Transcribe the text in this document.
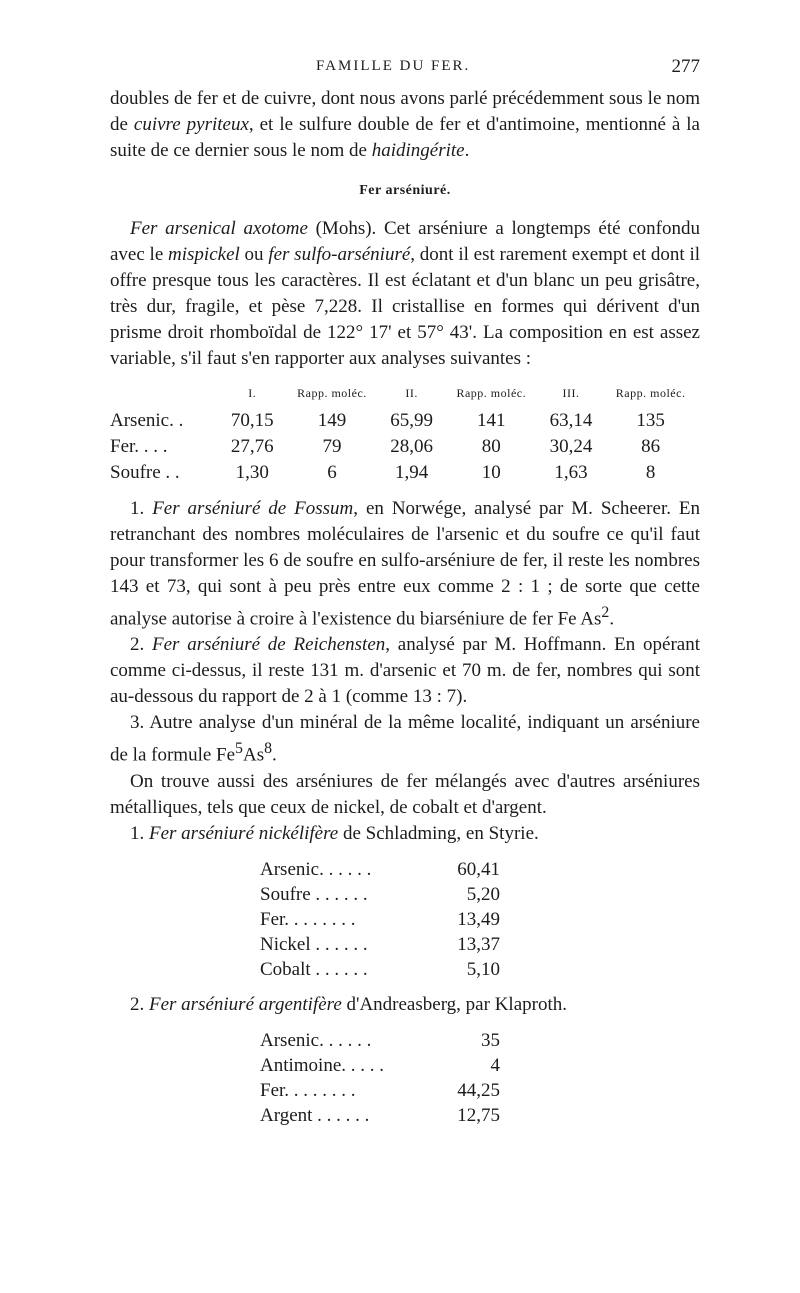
FAMILLE DU FER.	277

doubles de fer et de cuivre, dont nous avons parlé précédemment sous le nom de cuivre pyriteux, et le sulfure double de fer et d'antimoine, mentionné à la suite de ce dernier sous le nom de haidingérite.

Fer arséniuré.

Fer arsenical axotome (Mohs). Cet arséniure a longtemps été confondu avec le mispickel ou fer sulfo-arséniuré, dont il est rarement exempt et dont il offre presque tous les caractères. Il est éclatant et d'un blanc un peu grisâtre, très dur, fragile, et pèse 7,228. Il cristallise en formes qui dérivent d'un prisme droit rhomboïdal de 122° 17' et 57° 43'. La composition en est assez variable, s'il faut s'en rapporter aux analyses suivantes :

	I.	Rapp. moléc.	II.	Rapp. moléc.	III.	Rapp. moléc.
Arsenic. .	70,15	149	65,99	141	63,14	135
Fer. . . .	27,76	79	28,06	80	30,24	86
Soufre . .	1,30	6	1,94	10	1,63	8

1. Fer arséniuré de Fossum, en Norwége, analysé par M. Scheerer. En retranchant des nombres moléculaires de l'arsenic et du soufre ce qu'il faut pour transformer les 6 de soufre en sulfo-arséniure de fer, il reste les nombres 143 et 73, qui sont à peu près entre eux comme 2 : 1 ; de sorte que cette analyse autorise à croire à l'existence du biarséniure de fer Fe As$^2$.

2. Fer arséniuré de Reichensten, analysé par M. Hoffmann. En opérant comme ci-dessus, il reste 131 m. d'arsenic et 70 m. de fer, nombres qui sont au-dessous du rapport de 2 à 1 (comme 13 : 7).

3. Autre analyse d'un minéral de la même localité, indiquant un arséniure de la formule Fe$^5$As$^8$.

On trouve aussi des arséniures de fer mélangés avec d'autres arséniures métalliques, tels que ceux de nickel, de cobalt et d'argent.

1. Fer arséniuré nickélifère de Schladming, en Styrie.

Arsenic. . . . . .	60,41
Soufre . . . . . .	5,20
Fer. . . . . . . .	13,49
Nickel . . . . . .	13,37
Cobalt . . . . . .	5,10

2. Fer arséniuré argentifère d'Andreasberg, par Klaproth.

Arsenic. . . . . .	35
Antimoine. . . . .	4
Fer. . . . . . . .	44,25
Argent . . . . . .	12,75
